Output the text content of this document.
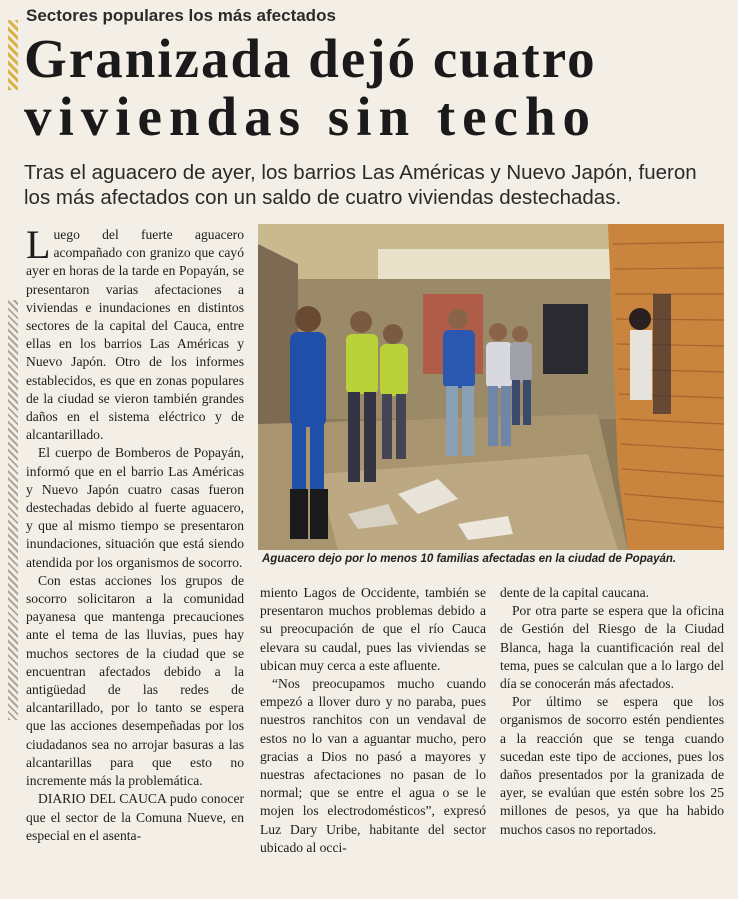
Sectores populares los más afectados
Granizada dejó cuatro
viviendas sin techo
Tras el aguacero de ayer, los barrios Las Américas y Nuevo Japón, fueron los más afectados con un saldo de cuatro viviendas destechadas.

Luego del fuerte aguacero acompañado con granizo que cayó ayer en horas de la tarde en Popayán, se presentaron varias afectaciones a viviendas e inundaciones en distintos sectores de la capital del Cauca, entre ellas en los barrios Las Américas y Nuevo Japón. Otro de los informes establecidos, es que en zonas populares de la ciudad se vieron también grandes daños en el sistema eléctrico y de alcantarillado.

El cuerpo de Bomberos de Popayán, informó que en el barrio Las Américas y Nuevo Japón cuatro casas fueron destechadas debido al fuerte aguacero, y que al mismo tiempo se presentaron inundaciones, situación que está siendo atendida por los organismos de socorro.

Con estas acciones los grupos de socorro solicitaron a la comunidad payanesa que mantenga precauciones ante el tema de las lluvias, pues hay muchos sectores de la ciudad que se encuentran afectados debido a la antigüedad de las redes de alcantarillado, por lo tanto se espera que las acciones desempeñadas por los ciudadanos sea no arrojar basuras a las alcantarillas para que esto no incremente más la problemática.

DIARIO DEL CAUCA pudo conocer que el sector de la Comuna Nueve, en especial en el asenta-

Aguacero dejo por lo menos 10 familias afectadas en la ciudad de Popayán.

miento Lagos de Occidente, también se presentaron muchos problemas debido a su preocupación de que el río Cauca elevara su caudal, pues las viviendas se ubican muy cerca a este afluente.

“Nos preocupamos mucho cuando empezó a llover duro y no paraba, pues nuestros ranchitos con un vendaval de estos no lo van a aguantar mucho, pero gracias a Dios no pasó a mayores y nuestras afectaciones no pasan de lo normal; que se entre el agua o se le mojen los electrodomésticos”, expresó Luz Dary Uribe, habitante del sector ubicado al occi-

dente de la capital caucana.

Por otra parte se espera que la oficina de Gestión del Riesgo de la Ciudad Blanca, haga la cuantificación real del tema, pues se calculan que a lo largo del día se conocerán más afectados.

Por último se espera que los organismos de socorro estén pendientes a la reacción que se tenga cuando sucedan este tipo de acciones, pues los daños presentados por la granizada de ayer, se evalúan que estén sobre los 25 millones de pesos, ya que ha habido muchos casos no reportados.
